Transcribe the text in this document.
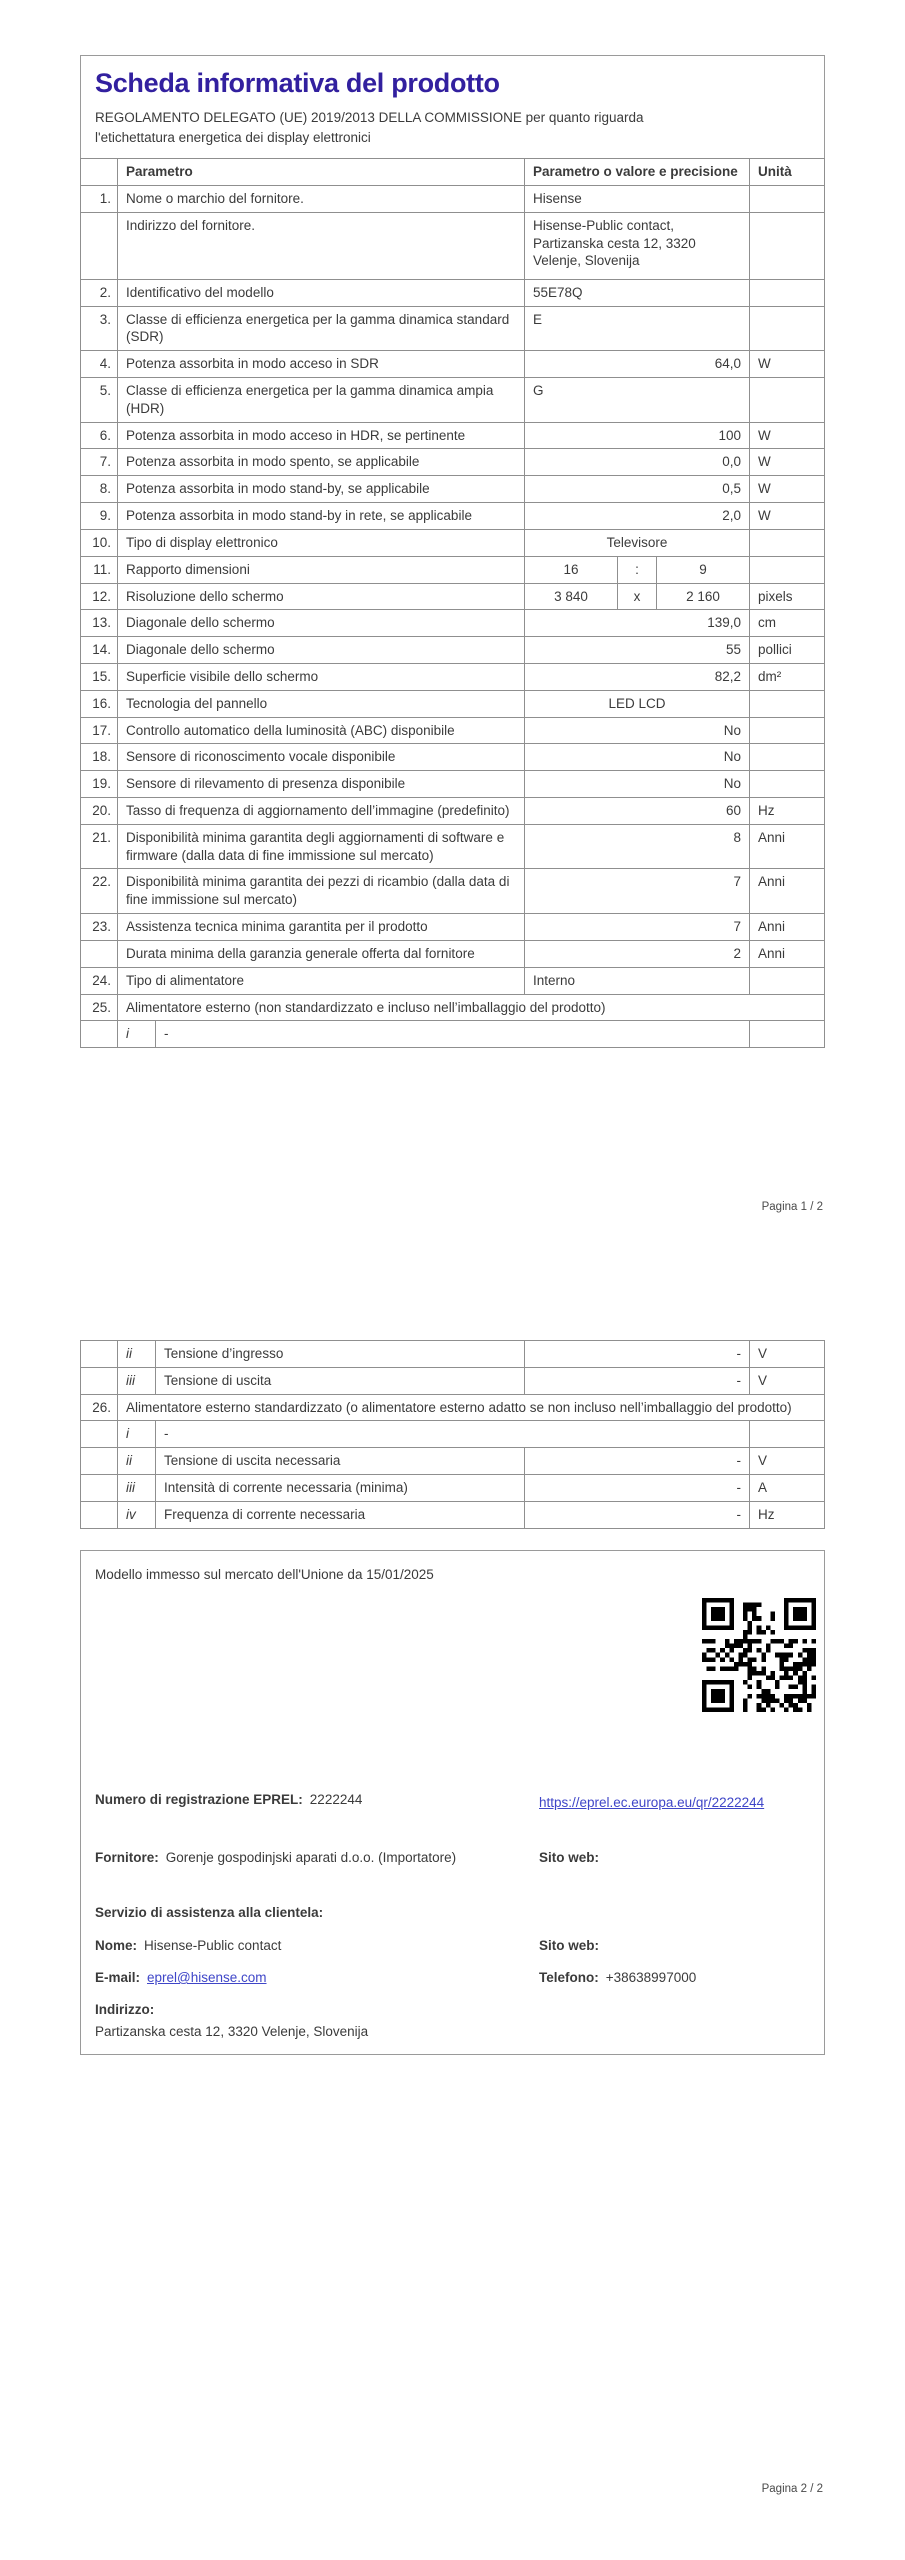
Scheda informativa del prodotto
REGOLAMENTO DELEGATO (UE) 2019/2013 DELLA COMMISSIONE per quanto riguarda l'etichettatura energetica dei display elettronici
	Parametro		Parametro o valore e precisione			Unità
1.	Nome o marchio del fornitore.		Hisense			
	Indirizzo del fornitore.		Hisense-Public contact, Partizanska cesta 12, 3320 Velenje, Slovenija			
2.	Identificativo del modello		55E78Q			
3.	Classe di efficienza energetica per la gamma dinamica standard (SDR)		E			
4.	Potenza assorbita in modo acceso in SDR		64,0			W
5.	Classe di efficienza energetica per la gamma dinamica ampia (HDR)		G			
6.	Potenza assorbita in modo acceso in HDR, se pertinente		100			W
7.	Potenza assorbita in modo spento, se applicabile		0,0			W
8.	Potenza assorbita in modo stand-by, se applicabile		0,5			W
9.	Potenza assorbita in modo stand-by in rete, se applicabile		2,0			W
10.	Tipo di display elettronico		Televisore			
11.	Rapporto dimensioni		16	:	9	
12.	Risoluzione dello schermo		3 840	x	2 160	pixels
13.	Diagonale dello schermo		139,0			cm
14.	Diagonale dello schermo		55			pollici
15.	Superficie visibile dello schermo		82,2			dm²
16.	Tecnologia del pannello		LED LCD			
17.	Controllo automatico della luminosità (ABC) disponibile		No			
18.	Sensore di riconoscimento vocale disponibile		No			
19.	Sensore di rilevamento di presenza disponibile		No			
20.	Tasso di frequenza di aggiornamento dell’immagine (predefinito)		60			Hz
21.	Disponibilità minima garantita degli aggiornamenti di software e firmware (dalla data di fine immissione sul mercato)		8			Anni
22.	Disponibilità minima garantita dei pezzi di ricambio (dalla data di fine immissione sul mercato)		7			Anni
23.	Assistenza tecnica minima garantita per il prodotto		7			Anni
	Durata minima della garanzia generale offerta dal fornitore		2			Anni
24.	Tipo di alimentatore		Interno			
25.	Alimentatore esterno (non standardizzato e incluso nell’imballaggio del prodotto)					
	i	-				
Pagina 1 / 2
	ii	Tensione d’ingresso	-	V
	iii	Tensione di uscita	-	V
26.	Alimentatore esterno standardizzato (o alimentatore esterno adatto se non incluso nell’imballaggio del prodotto)			
	i	-		
	ii	Tensione di uscita necessaria	-	V
	iii	Intensità di corrente necessaria (minima)	-	A
	iv	Frequenza di corrente necessaria	-	Hz
Modello immesso sul mercato dell'Unione da 15/01/2025
Numero di registrazione EPREL: 2222244	https://eprel.ec.europa.eu/qr/2222244
Fornitore: Gorenje gospodinjski aparati d.o.o. (Importatore)	Sito web:
Servizio di assistenza alla clientela:
Nome: Hisense-Public contact	Sito web:
E-mail: eprel@hisense.com	Telefono: +38638997000
Indirizzo:
Partizanska cesta 12, 3320 Velenje, Slovenija
Pagina 2 / 2
